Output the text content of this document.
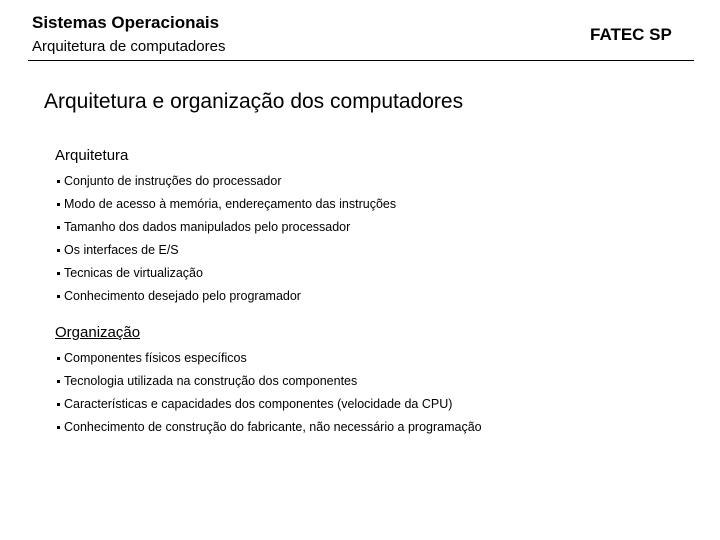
Sistemas Operacionais
Arquitetura de computadores
FATEC SP
Arquitetura e organização dos computadores
Arquitetura
Conjunto de instruções do processador
Modo de acesso à memória, endereçamento das instruções
Tamanho dos dados manipulados pelo processador
Os interfaces de E/S
Tecnicas de virtualização
Conhecimento desejado pelo programador
Organização
Componentes físicos específicos
Tecnologia utilizada na construção dos componentes
Características e capacidades dos componentes (velocidade da CPU)
Conhecimento de construção do fabricante, não necessário a programação
